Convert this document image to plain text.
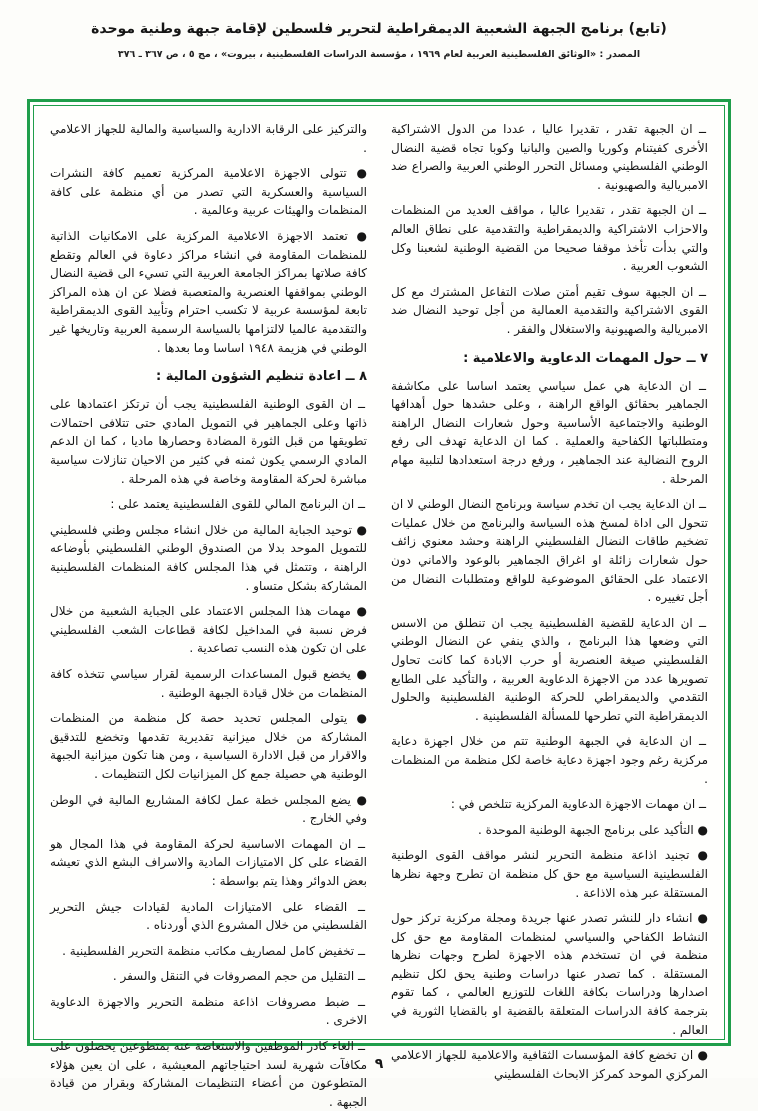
(تابع) برنامج الجبهة الشعبية الديمقراطية لتحرير فلسطين لإقامة جبهة وطنية موحدة
المصدر : «الوثائق الفلسطينية العربية لعام ١٩٦٩ ، مؤسسة الدراسات الفلسطينية ، بيروت» ، مج ٥ ، ص ٣٦٧ ـ ٣٧٦
ــ ان الجبهة تقدر ، تقديرا عاليا ، عددا من الدول الاشتراكية الأخرى كفيتنام وكوريا والصين والبانيا وكوبا تجاه قضية النضال الوطني الفلسطيني ومسائل التحرر الوطني العربية والصراع ضد الامبريالية والصهيونية .
ــ ان الجبهة تقدر ، تقديرا عاليا ، مواقف العديد من المنظمات والاحزاب الاشتراكية والديمقراطية والتقدمية على نطاق العالم والتي بدأت تأخذ موقفا صحيحا من القضية الوطنية لشعبنا وكل الشعوب العربية .
ــ ان الجبهة سوف تقيم أمتن صلات التفاعل المشترك مع كل القوى الاشتراكية والتقدمية العمالية من أجل توحيد النضال ضد الامبريالية والصهيونية والاستغلال والفقر .
٧ ــ حول المهمات الدعاوية والاعلامية :
ــ ان الدعاية هي عمل سياسي يعتمد اساسا على مكاشفة الجماهير بحقائق الواقع الراهنة ، وعلى حشدها حول أهدافها الوطنية والاجتماعية الأساسية وحول شعارات النضال الراهنة ومتطلباتها الكفاحية والعملية . كما ان الدعاية تهدف الى رفع الروح النضالية عند الجماهير ، ورفع درجة استعدادها لتلبية مهام المرحلة .
ــ ان الدعاية يجب ان تخدم سياسة وبرنامج النضال الوطني لا ان تتحول الى اداة لمسخ هذه السياسة والبرنامج من خلال عمليات تضخيم طاقات النضال الفلسطيني الراهنة وحشد معنوي زائف حول شعارات زائلة او اغراق الجماهير بالوعود والاماني دون الاعتماد على الحقائق الموضوعية للواقع ومتطلبات النضال من أجل تغييره .
ــ ان الدعاية للقضية الفلسطينية يجب ان تنطلق من الاسس التي وضعها هذا البرنامج ، والذي ينفي عن النضال الوطني الفلسطيني صيغة العنصرية أو حرب الابادة كما كانت تحاول تصويرها عدد من الاجهزة الدعاوية العربية ، والتأكيد على الطابع التقدمي والديمقراطي للحركة الوطنية الفلسطينية والحلول الديمقراطية التي تطرحها للمسألة الفلسطينية .
ــ ان الدعاية في الجبهة الوطنية تتم من خلال اجهزة دعاية مركزية رغم وجود اجهزة دعاية خاصة لكل منظمة من المنظمات .
ــ ان مهمات الاجهزة الدعاوية المركزية تتلخص في :
● التأكيد على برنامج الجبهة الوطنية الموحدة .
● تجنيد اذاعة منظمة التحرير لنشر مواقف القوى الوطنية الفلسطينية السياسية مع حق كل منظمة ان تطرح وجهة نظرها المستقلة عبر هذه الاذاعة .
● انشاء دار للنشر تصدر عنها جريدة ومجلة مركزية تركز حول النشاط الكفاحي والسياسي لمنظمات المقاومة مع حق كل منظمة في ان تستخدم هذه الاجهزة لطرح وجهات نظرها المستقلة . كما تصدر عنها دراسات وطنية يحق لكل تنظيم اصدارها ودراسات بكافة اللغات للتوزيع العالمي ، كما تقوم بترجمة كافة الدراسات المتعلقة بالقضية او بالقضايا الثورية في العالم .
● ان تخضع كافة المؤسسات الثقافية والاعلامية للجهاز الاعلامي المركزي الموحد كمركز الابحاث الفلسطيني
والتركيز على الرقابة الادارية والسياسية والمالية للجهاز الاعلامي .
● تتولى الاجهزة الاعلامية المركزية تعميم كافة النشرات السياسية والعسكرية التي تصدر من أي منظمة على كافة المنظمات والهيئات عربية وعالمية .
● تعتمد الاجهزة الاعلامية المركزية على الامكانيات الذاتية للمنظمات المقاومة في انشاء مراكز دعاوة في العالم وتقطع كافة صلاتها بمراكز الجامعة العربية التي تسيء الى قضية النضال الوطني بمواقفها العنصرية والمتعصبة فضلا عن ان هذه المراكز تابعة لمؤسسة عربية لا تكسب احترام وتأييد القوى الديمقراطية والتقدمية عالميا لالتزامها بالسياسة الرسمية العربية وتاريخها غير الوطني في هزيمة ١٩٤٨ اساسا وما بعدها .
٨ ــ اعادة تنظيم الشؤون المالية :
ــ ان القوى الوطنية الفلسطينية يجب أن ترتكز اعتمادها على ذاتها وعلى الجماهير في التمويل المادي حتى تتلافى احتمالات تطويقها من قبل الثورة المضادة وحصارها ماديا ، كما ان الدعم المادي الرسمي يكون ثمنه في كثير من الاحيان تنازلات سياسية مباشرة لحركة المقاومة وخاصة في هذه المرحلة .
ــ ان البرنامج المالي للقوى الفلسطينية يعتمد على :
● توحيد الجباية المالية من خلال انشاء مجلس وطني فلسطيني للتمويل الموحد بدلا من الصندوق الوطني الفلسطيني بأوضاعه الراهنة ، وتتمثل في هذا المجلس كافة المنظمات الفلسطينية المشاركة بشكل متساو .
● مهمات هذا المجلس الاعتماد على الجباية الشعبية من خلال فرض نسبة في المداخيل لكافة قطاعات الشعب الفلسطيني على ان تكون هذه النسب تصاعدية .
● يخضع قبول المساعدات الرسمية لقرار سياسي تتخذه كافة المنظمات من خلال قيادة الجبهة الوطنية .
● يتولى المجلس تحديد حصة كل منظمة من المنظمات المشاركة من خلال ميزانية تقديرية تقدمها وتخضع للتدقيق والاقرار من قبل الادارة السياسية ، ومن هنا تكون ميزانية الجبهة الوطنية هي حصيلة جمع كل الميزانيات لكل التنظيمات .
● يضع المجلس خطة عمل لكافة المشاريع المالية في الوطن وفي الخارج .
ــ ان المهمات الاساسية لحركة المقاومة في هذا المجال هو القضاء على كل الامتيازات المادية والاسراف البشع الذي تعيشه بعض الدوائر وهذا يتم بواسطة :
ــ القضاء على الامتيازات المادية لقيادات جيش التحرير الفلسطيني من خلال المشروع الذي أوردناه .
ــ تخفيض كامل لمصاريف مكاتب منظمة التحرير الفلسطينية .
ــ التقليل من حجم المصروفات في التنقل والسفر .
ــ ضبط مصروفات اذاعة منظمة التحرير والاجهزة الدعاوية الاخرى .
ــ الغاء كادر الموظفين والاستعاضة عنه بمتطوعين يحصلون على مكافآت شهرية لسد احتياجاتهم المعيشية ، على ان يعين هؤلاء المتطوعون من أعضاء التنظيمات المشاركة وبقرار من قيادة الجبهة .
٩
